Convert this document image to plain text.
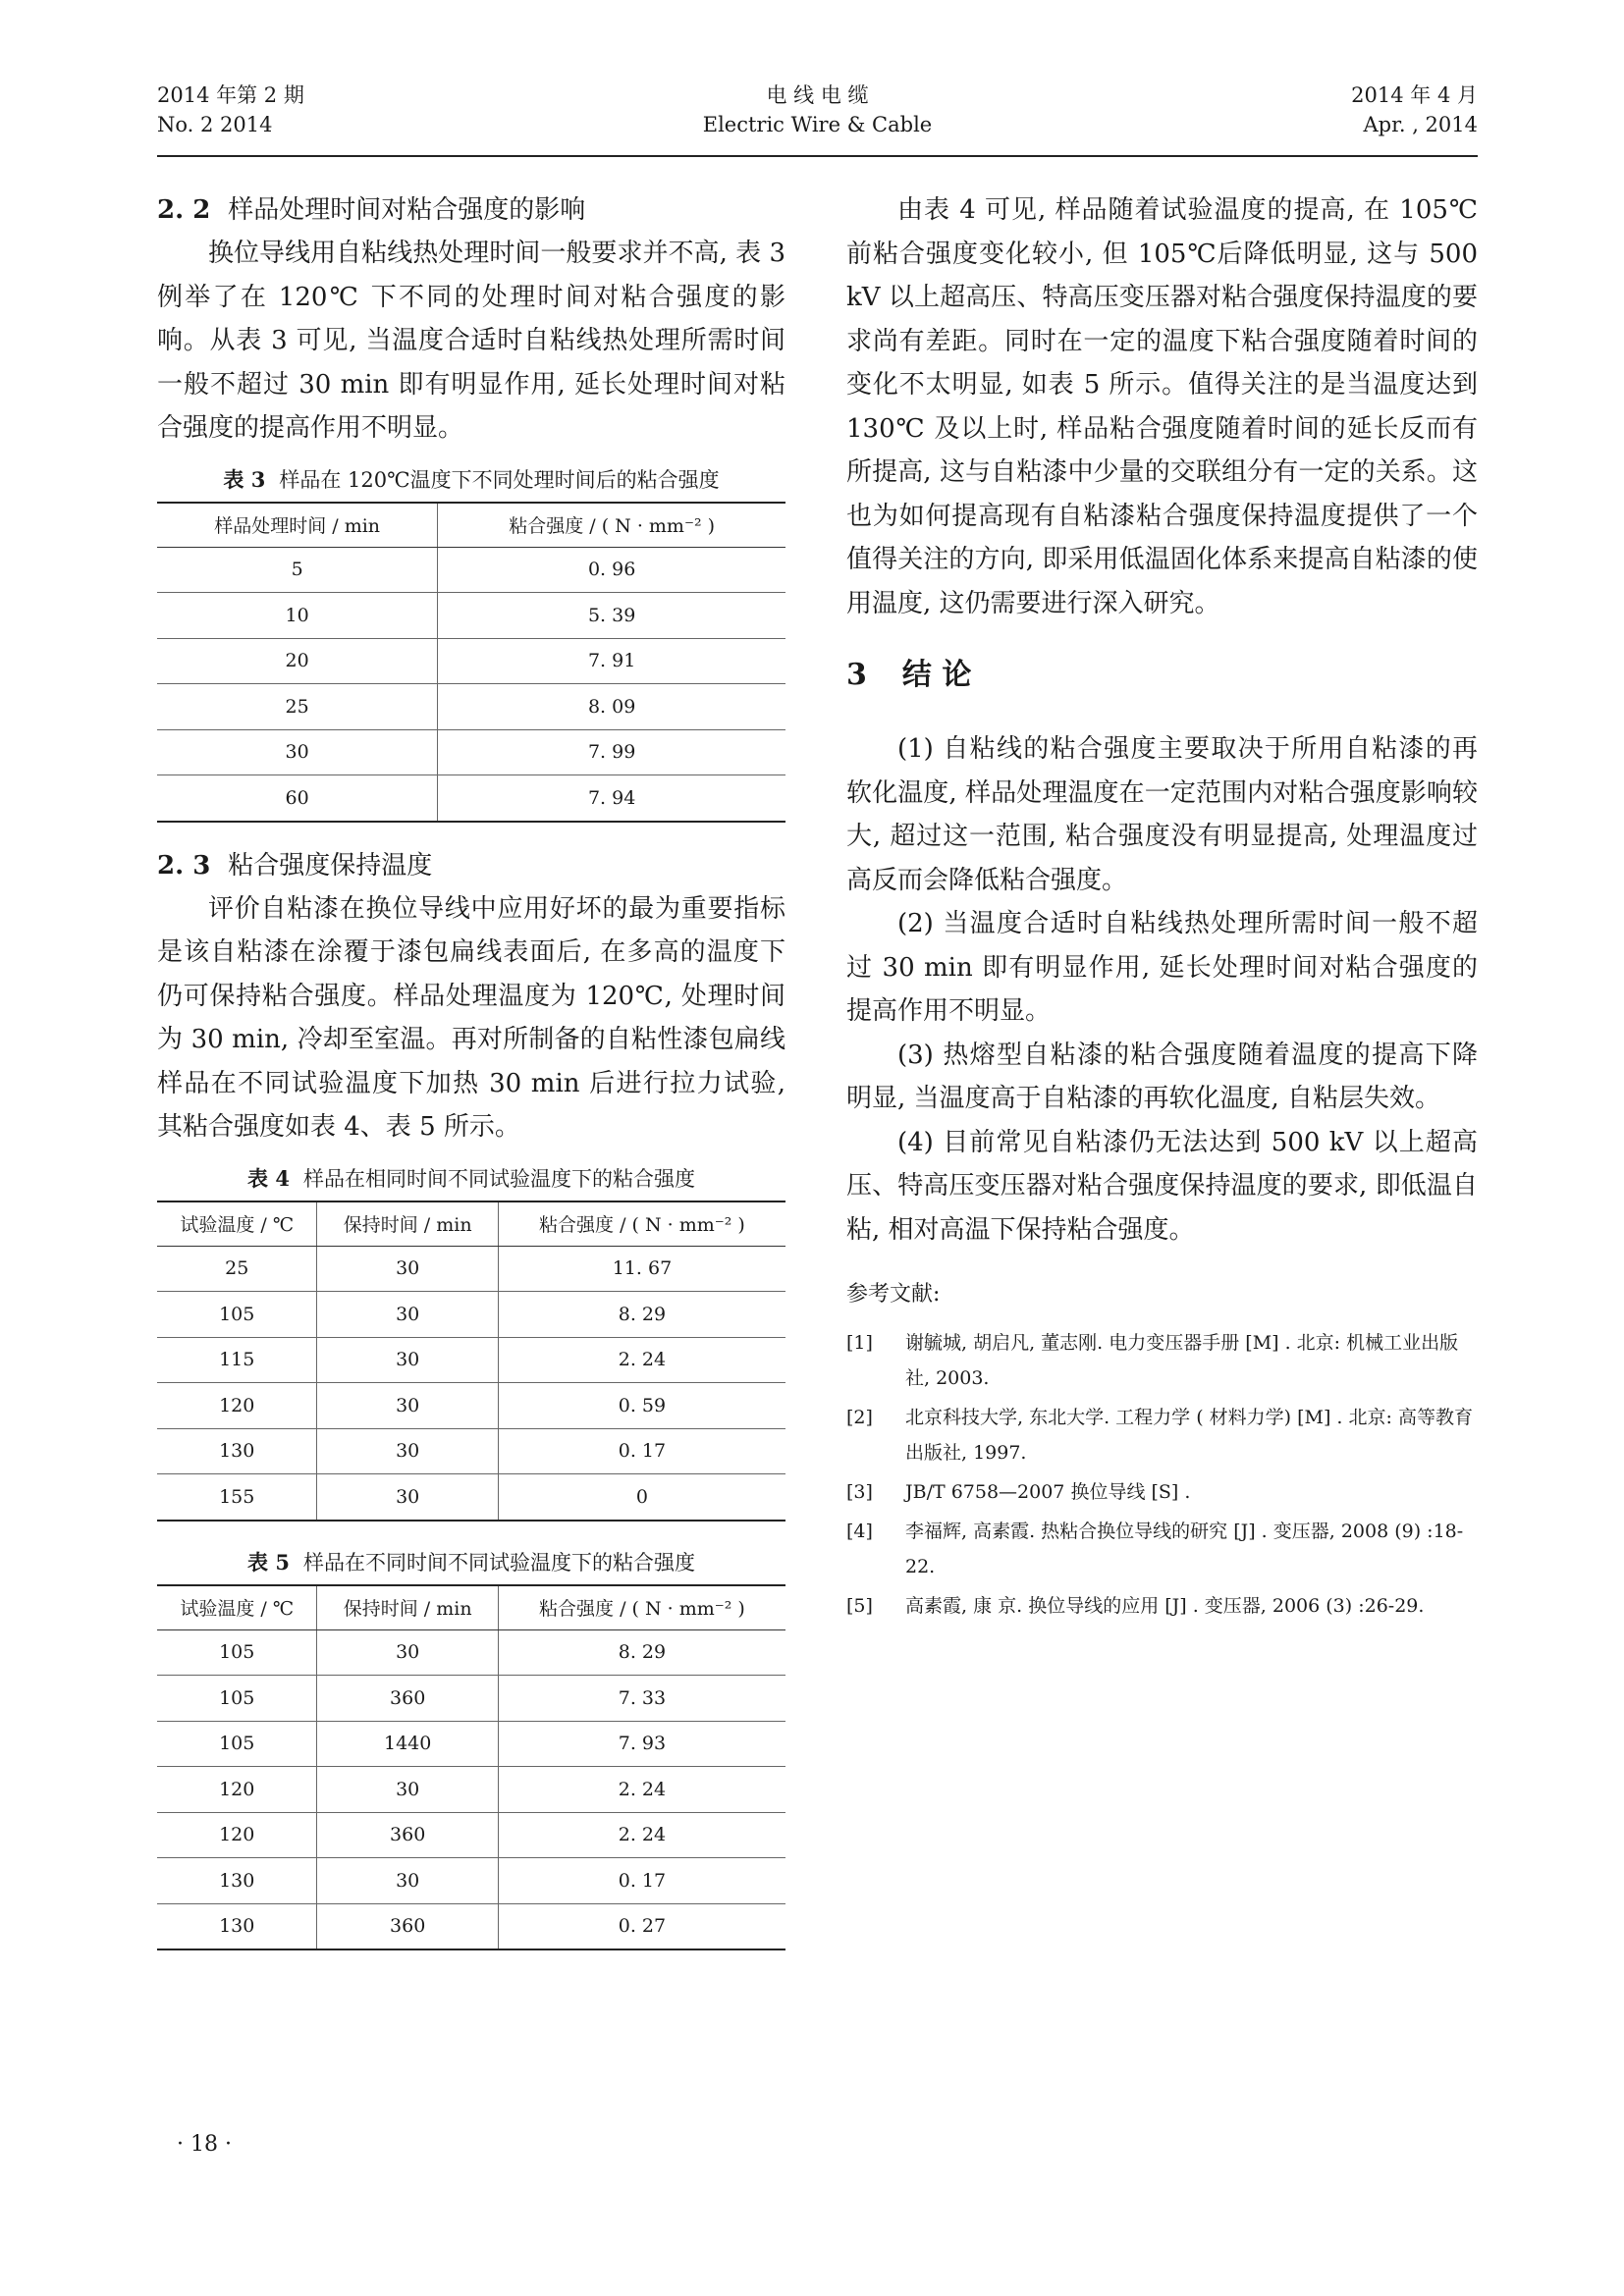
2014 年第 2 期
No. 2 2014
电 线 电 缆
Electric Wire & Cable
2014 年 4 月
Apr. , 2014
2. 2 样品处理时间对粘合强度的影响

换位导线用自粘线热处理时间一般要求并不高, 表 3 例举了在 120℃ 下不同的处理时间对粘合强度的影响。从表 3 可见, 当温度合适时自粘线热处理所需时间一般不超过 30 min 即有明显作用, 延长处理时间对粘合强度的提高作用不明显。

表 3 样品在 120℃温度下不同处理时间后的粘合强度
样品处理时间 / min	粘合强度 / ( N · mm⁻² )
5	0. 96
10	5. 39
20	7. 91
25	8. 09
30	7. 99
60	7. 94
2. 3 粘合强度保持温度

评价自粘漆在换位导线中应用好坏的最为重要指标是该自粘漆在涂覆于漆包扁线表面后, 在多高的温度下仍可保持粘合强度。样品处理温度为 120℃, 处理时间为 30 min, 冷却至室温。再对所制备的自粘性漆包扁线样品在不同试验温度下加热 30 min 后进行拉力试验, 其粘合强度如表 4、表 5 所示。

表 4 样品在相同时间不同试验温度下的粘合强度
试验温度 / ℃	保持时间 / min	粘合强度 / ( N · mm⁻² )
25	30	11. 67
105	30	8. 29
115	30	2. 24
120	30	0. 59
130	30	0. 17
155	30	0
表 5 样品在不同时间不同试验温度下的粘合强度
试验温度 / ℃	保持时间 / min	粘合强度 / ( N · mm⁻² )
105	30	8. 29
105	360	7. 33
105	1440	7. 93
120	30	2. 24
120	360	2. 24
130	30	0. 17
130	360	0. 27

由表 4 可见, 样品随着试验温度的提高, 在 105℃前粘合强度变化较小, 但 105℃后降低明显, 这与 500 kV 以上超高压、特高压变压器对粘合强度保持温度的要求尚有差距。同时在一定的温度下粘合强度随着时间的变化不太明显, 如表 5 所示。值得关注的是当温度达到 130℃ 及以上时, 样品粘合强度随着时间的延长反而有所提高, 这与自粘漆中少量的交联组分有一定的关系。这也为如何提高现有自粘漆粘合强度保持温度提供了一个值得关注的方向, 即采用低温固化体系来提高自粘漆的使用温度, 这仍需要进行深入研究。

3 结 论

(1) 自粘线的粘合强度主要取决于所用自粘漆的再软化温度, 样品处理温度在一定范围内对粘合强度影响较大, 超过这一范围, 粘合强度没有明显提高, 处理温度过高反而会降低粘合强度。

(2) 当温度合适时自粘线热处理所需时间一般不超过 30 min 即有明显作用, 延长处理时间对粘合强度的提高作用不明显。

(3) 热熔型自粘漆的粘合强度随着温度的提高下降明显, 当温度高于自粘漆的再软化温度, 自粘层失效。

(4) 目前常见自粘漆仍无法达到 500 kV 以上超高压、特高压变压器对粘合强度保持温度的要求, 即低温自粘, 相对高温下保持粘合强度。

参考文献:
[1]	谢毓城, 胡启凡, 董志刚. 电力变压器手册 [M] . 北京: 机械工业出版社, 2003.
[2]	北京科技大学, 东北大学. 工程力学 ( 材料力学) [M] . 北京: 高等教育出版社, 1997.
[3]	JB/T 6758—2007 换位导线 [S] .
[4]	李福辉, 高素霞. 热粘合换位导线的研究 [J] . 变压器, 2008 (9) :18-22.
[5]	高素霞, 康 京. 换位导线的应用 [J] . 变压器, 2006 (3) :26-29.
· 18 ·
